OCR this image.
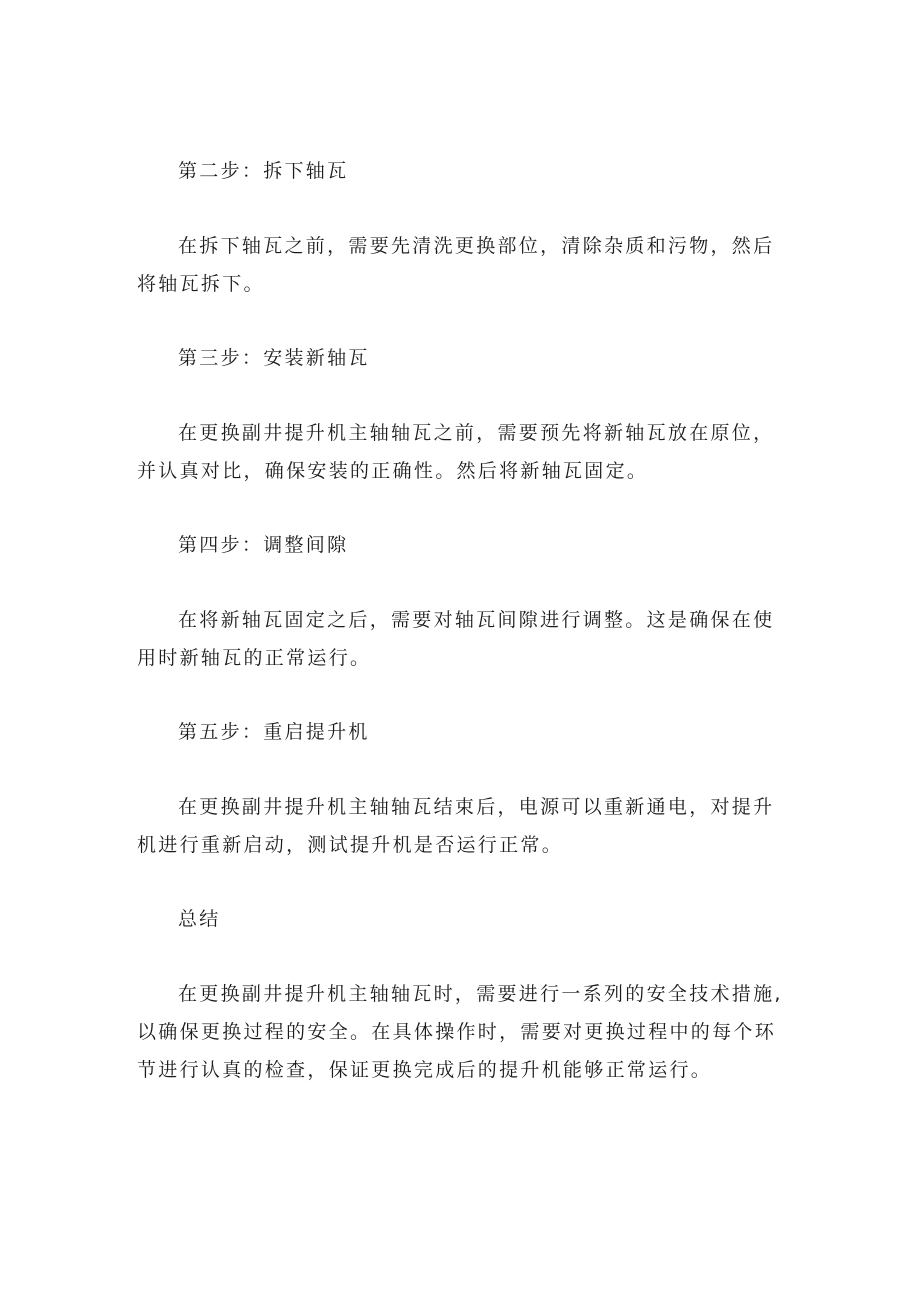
第二步：拆下轴瓦

在拆下轴瓦之前，需要先清洗更换部位，清除杂质和污物，然后将轴瓦拆下。

第三步：安装新轴瓦

在更换副井提升机主轴轴瓦之前，需要预先将新轴瓦放在原位，并认真对比，确保安装的正确性。然后将新轴瓦固定。

第四步：调整间隙

在将新轴瓦固定之后，需要对轴瓦间隙进行调整。这是确保在使用时新轴瓦的正常运行。

第五步：重启提升机

在更换副井提升机主轴轴瓦结束后，电源可以重新通电，对提升机进行重新启动，测试提升机是否运行正常。

总结

在更换副井提升机主轴轴瓦时，需要进行一系列的安全技术措施,以确保更换过程的安全。在具体操作时，需要对更换过程中的每个环节进行认真的检查，保证更换完成后的提升机能够正常运行。
